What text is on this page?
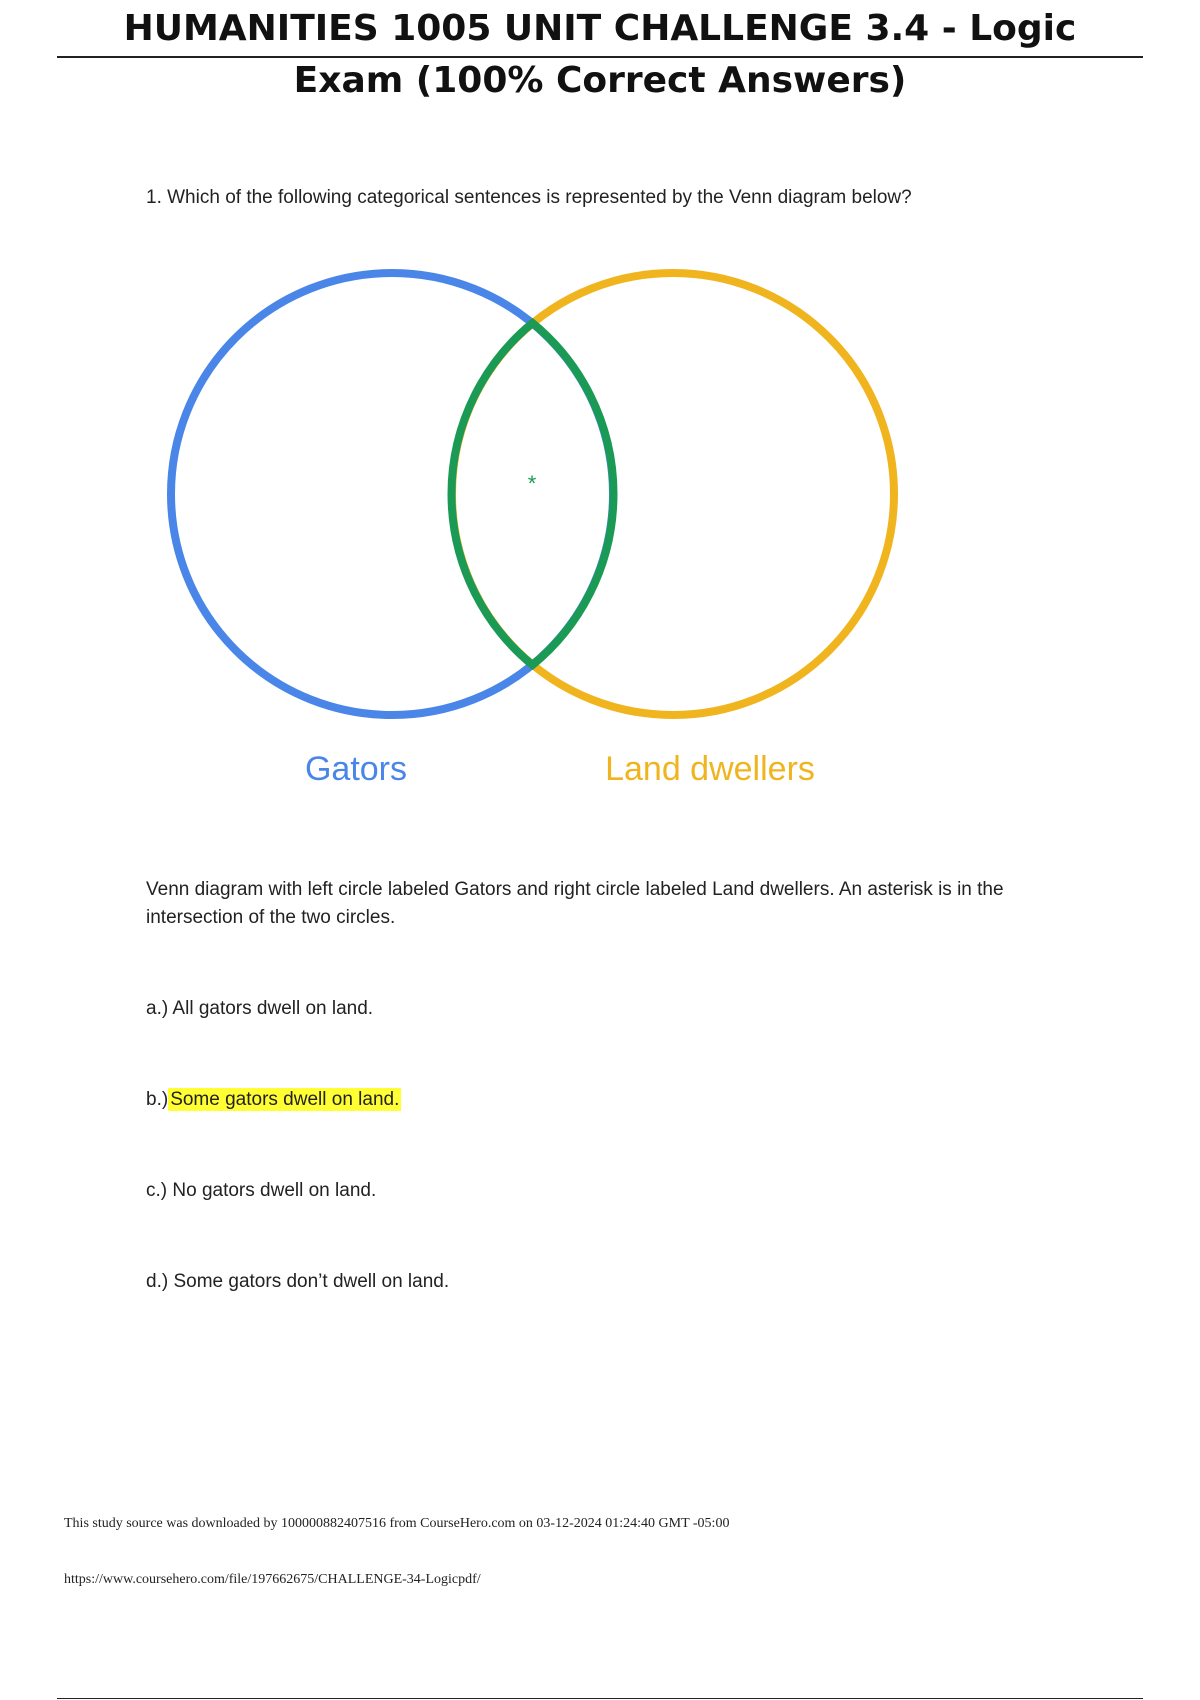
HUMANITIES 1005 UNIT CHALLENGE 3.4 - Logic
Exam (100% Correct Answers)

1. Which of the following categorical sentences is represented by the Venn diagram below?

*
Gators	Land dwellers

Venn diagram with left circle labeled Gators and right circle labeled Land dwellers. An asterisk is in the intersection of the two circles.

a.) All gators dwell on land.
b.) Some gators dwell on land.
c.) No gators dwell on land.
d.) Some gators don’t dwell on land.
This study source was downloaded by 100000882407516 from CourseHero.com on 03-12-2024 01:24:40 GMT -05:00
https://www.coursehero.com/file/197662675/CHALLENGE-34-Logicpdf/
